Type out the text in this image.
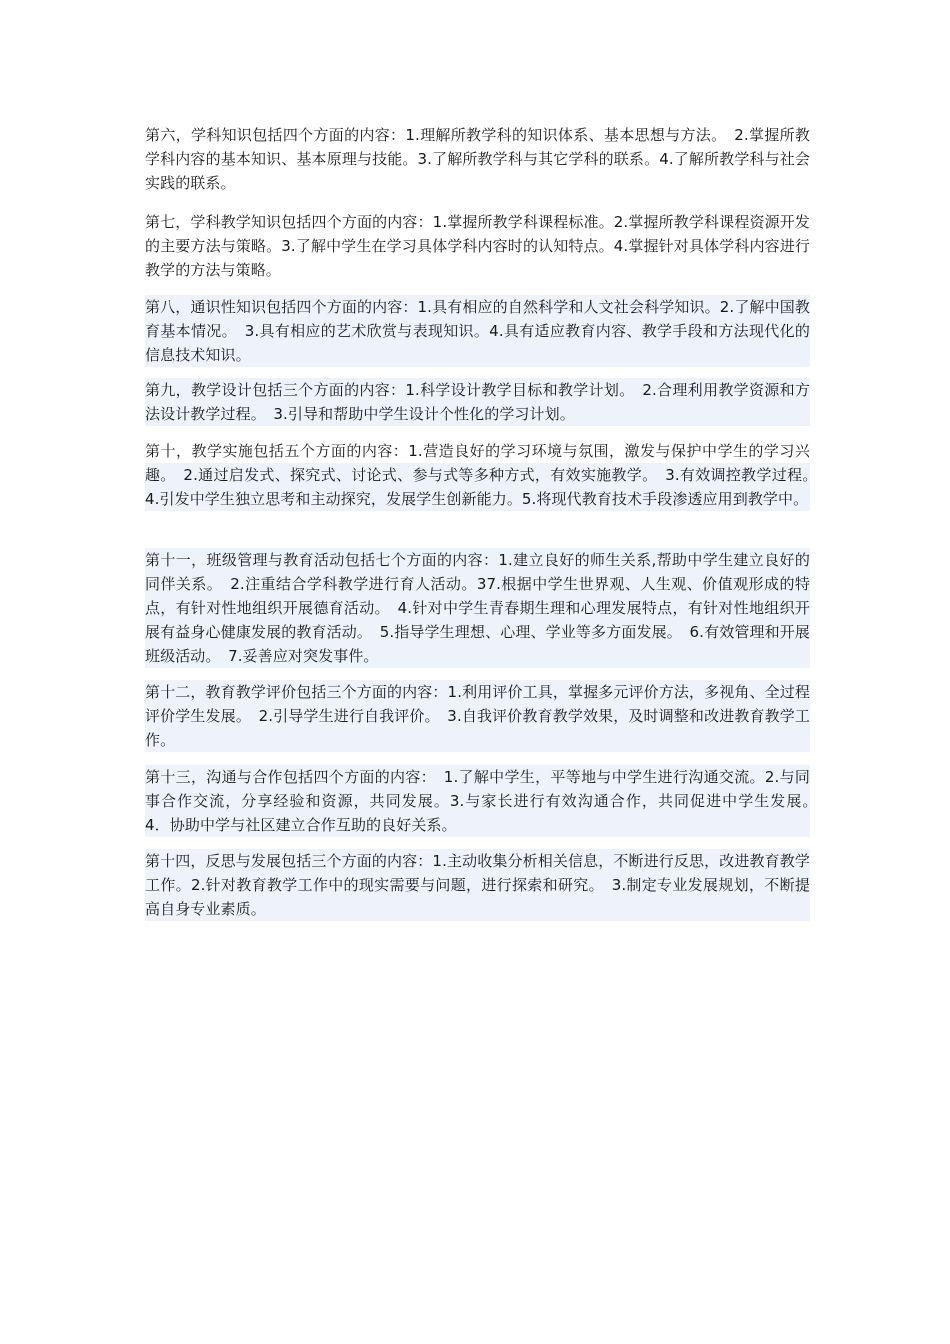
第六，学科知识包括四个方面的内容：1.理解所教学科的知识体系、基本思想与方法。　2.掌握所教学科内容的基本知识、基本原理与技能。3.了解所教学科与其它学科的联系。4.了解所教学科与社会实践的联系。

第七，学科教学知识包括四个方面的内容：1.掌握所教学科课程标准。2.掌握所教学科课程资源开发的主要方法与策略。3.了解中学生在学习具体学科内容时的认知特点。4.掌握针对具体学科内容进行教学的方法与策略。

第八，通识性知识包括四个方面的内容：1.具有相应的自然科学和人文社会科学知识。2.了解中国教育基本情况。　3.具有相应的艺术欣赏与表现知识。4.具有适应教育内容、教学手段和方法现代化的信息技术知识。

第九，教学设计包括三个方面的内容：1.科学设计教学目标和教学计划。　2.合理利用教学资源和方法设计教学过程。　3.引导和帮助中学生设计个性化的学习计划。

第十，教学实施包括五个方面的内容：1.营造良好的学习环境与氛围，激发与保护中学生的学习兴趣。　2.通过启发式、探究式、讨论式、参与式等多种方式，有效实施教学。　3.有效调控教学过程。　4.引发中学生独立思考和主动探究，发展学生创新能力。5.将现代教育技术手段渗透应用到教学中。

第十一，班级管理与教育活动包括七个方面的内容：1.建立良好的师生关系,帮助中学生建立良好的同伴关系。　2.注重结合学科教学进行育人活动。37.根据中学生世界观、人生观、价值观形成的特点，有针对性地组织开展德育活动。　4.针对中学生青春期生理和心理发展特点，有针对性地组织开展有益身心健康发展的教育活动。　5.指导学生理想、心理、学业等多方面发展。　6.有效管理和开展班级活动。　7.妥善应对突发事件。

第十二，教育教学评价包括三个方面的内容：1.利用评价工具，掌握多元评价方法，多视角、全过程评价学生发展。　2.引导学生进行自我评价。　3.自我评价教育教学效果，及时调整和改进教育教学工作。

第十三，沟通与合作包括四个方面的内容：　1.了解中学生，平等地与中学生进行沟通交流。2.与同事合作交流，分享经验和资源，共同发展。3.与家长进行有效沟通合作，共同促进中学生发展。　4．协助中学与社区建立合作互助的良好关系。

第十四，反思与发展包括三个方面的内容：1.主动收集分析相关信息，不断进行反思，改进教育教学工作。2.针对教育教学工作中的现实需要与问题，进行探索和研究。　3.制定专业发展规划，不断提高自身专业素质。
